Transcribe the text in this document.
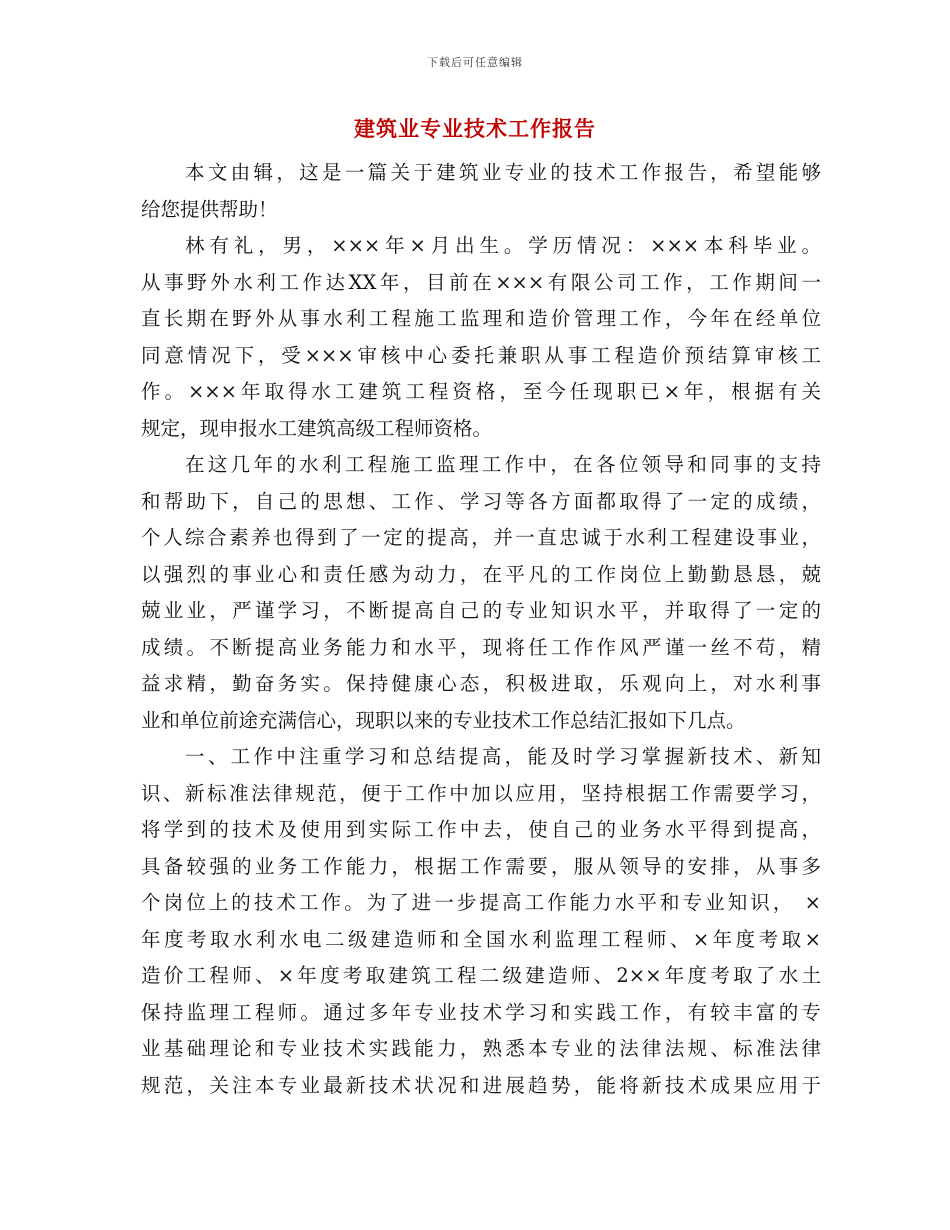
下载后可任意编辑
建筑业专业技术工作报告
本文由辑，这是一篇关于建筑业专业的技术工作报告，希望能够
给您提供帮助！
林有礼，男，×××年×月出生。学历情况：×××本科毕业。
从事野外水利工作达XX年，目前在×××有限公司工作，工作期间一
直长期在野外从事水利工程施工监理和造价管理工作，今年在经单位
同意情况下，受×××审核中心委托兼职从事工程造价预结算审核工
作。×××年取得水工建筑工程资格，至今任现职已×年，根据有关
规定，现申报水工建筑高级工程师资格。
在这几年的水利工程施工监理工作中，在各位领导和同事的支持
和帮助下，自己的思想、工作、学习等各方面都取得了一定的成绩，
个人综合素养也得到了一定的提高，并一直忠诚于水利工程建设事业，
以强烈的事业心和责任感为动力，在平凡的工作岗位上勤勤恳恳，兢
兢业业，严谨学习，不断提高自己的专业知识水平，并取得了一定的
成绩。不断提高业务能力和水平，现将任工作作风严谨一丝不苟，精
益求精，勤奋务实。保持健康心态，积极进取，乐观向上，对水利事
业和单位前途充满信心，现职以来的专业技术工作总结汇报如下几点。
一、工作中注重学习和总结提高，能及时学习掌握新技术、新知
识、新标准法律规范，便于工作中加以应用，坚持根据工作需要学习，
将学到的技术及使用到实际工作中去，使自己的业务水平得到提高，
具备较强的业务工作能力，根据工作需要，服从领导的安排，从事多
个岗位上的技术工作。为了进一步提高工作能力水平和专业知识， ×
年度考取水利水电二级建造师和全国水利监理工程师、×年度考取×
造价工程师、×年度考取建筑工程二级建造师、2××年度考取了水土
保持监理工程师。通过多年专业技术学习和实践工作，有较丰富的专
业基础理论和专业技术实践能力，熟悉本专业的法律法规、标准法律
规范，关注本专业最新技术状况和进展趋势，能将新技术成果应用于
